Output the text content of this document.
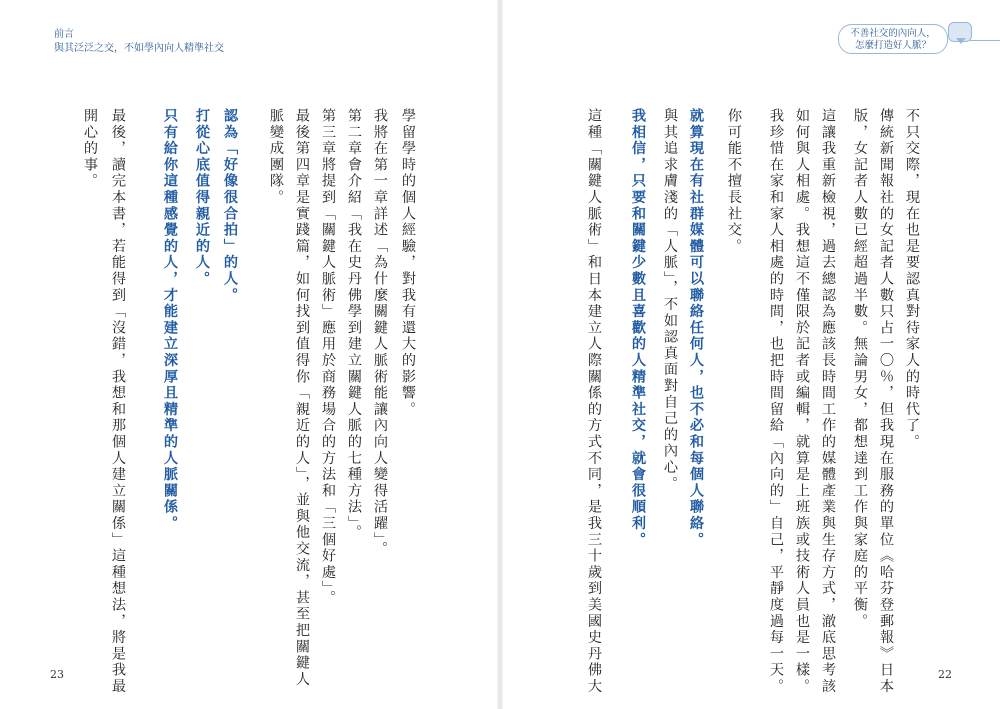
前言
與其泛泛之交，不如學內向人精準社交
不善社交的內向人，
怎麼打造好人脈？
不只交際，現在也是要認真對待家人的時代了。
傳統新聞報社的女記者人數只占一〇％，但我現在服務的單位《哈芬登郵報》日本
版，女記者人數已經超過半數。無論男女，都想達到工作與家庭的平衡。
這讓我重新檢視，過去總認為應該長時間工作的媒體產業與生存方式，澈底思考該
如何與人相處。我想這不僅限於記者或編輯，就算是上班族或技術人員也是一樣。
我珍惜在家和家人相處的時間，也把時間留給「內向的」自己，平靜度過每一天。
你可能不擅長社交。
就算現在有社群媒體可以聯絡任何人，也不必和每個人聯絡。
與其追求膚淺的「人脈」，不如認真面對自己的內心。
我相信，只要和關鍵少數且喜歡的人精準社交，就會很順利。
這種「關鍵人脈術」和日本建立人際關係的方式不同，是我三十歲到美國史丹佛大
學留學時的個人經驗，對我有還大的影響。
我將在第一章詳述「為什麼關鍵人脈術能讓內向人變得活躍」。
第二章會介紹「我在史丹佛學到建立關鍵人脈的七種方法」。
第三章將提到「關鍵人脈術」應用於商務場合的方法和「三個好處」。
最後第四章是實踐篇，如何找到值得你「親近的人」，並與他交流，甚至把關鍵人
脈變成團隊。
認為「好像很合拍」的人。
打從心底值得親近的人。
只有給你這種感覺的人，才能建立深厚且精準的人脈關係。
最後，讀完本書，若能得到「沒錯，我想和那個人建立關係」這種想法，將是我最
開心的事。
23	22
